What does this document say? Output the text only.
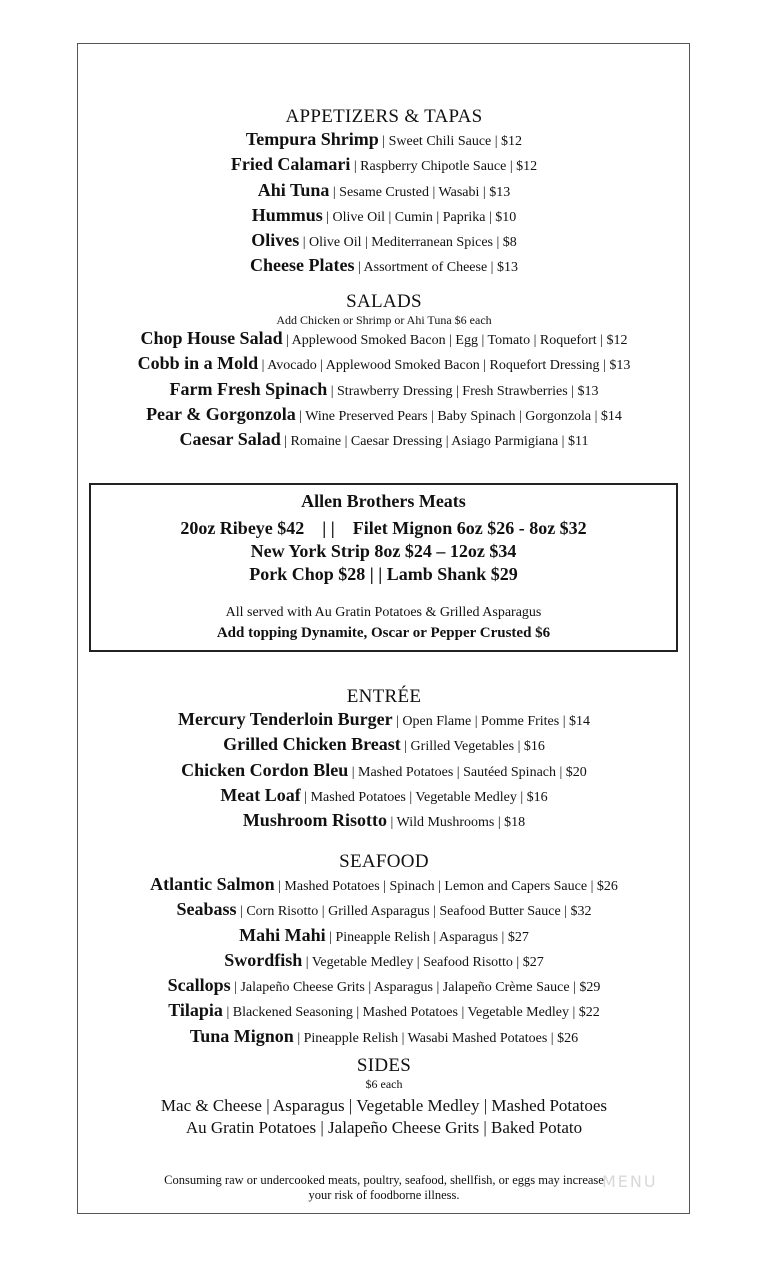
APPETIZERS & TAPAS
Tempura Shrimp | Sweet Chili Sauce | $12
Fried Calamari | Raspberry Chipotle Sauce | $12
Ahi Tuna | Sesame Crusted | Wasabi | $13
Hummus | Olive Oil | Cumin | Paprika | $10
Olives | Olive Oil | Mediterranean Spices | $8
Cheese Plates | Assortment of Cheese | $13
SALADS
Add Chicken or Shrimp or Ahi Tuna $6 each
Chop House Salad | Applewood Smoked Bacon | Egg | Tomato | Roquefort | $12
Cobb in a Mold | Avocado | Applewood Smoked Bacon | Roquefort Dressing | $13
Farm Fresh Spinach | Strawberry Dressing | Fresh Strawberries | $13
Pear & Gorgonzola | Wine Preserved Pears | Baby Spinach | Gorgonzola | $14
Caesar Salad | Romaine | Caesar Dressing | Asiago Parmigiana | $11
Allen Brothers Meats
20oz Ribeye $42    | |    Filet Mignon 6oz $26 - 8oz $32
New York Strip 8oz $24 – 12oz $34
Pork Chop $28 | | Lamb Shank $29
All served with Au Gratin Potatoes & Grilled Asparagus
Add topping Dynamite, Oscar or Pepper Crusted $6
ENTRÉE
Mercury Tenderloin Burger | Open Flame | Pomme Frites | $14
Grilled Chicken Breast | Grilled Vegetables | $16
Chicken Cordon Bleu | Mashed Potatoes | Sautéed Spinach | $20
Meat Loaf | Mashed Potatoes | Vegetable Medley | $16
Mushroom Risotto | Wild Mushrooms | $18
SEAFOOD
Atlantic Salmon | Mashed Potatoes | Spinach | Lemon and Capers Sauce | $26
Seabass | Corn Risotto | Grilled Asparagus | Seafood Butter Sauce | $32
Mahi Mahi | Pineapple Relish | Asparagus | $27
Swordfish | Vegetable Medley | Seafood Risotto | $27
Scallops | Jalapeño Cheese Grits | Asparagus | Jalapeño Crème Sauce | $29
Tilapia | Blackened Seasoning | Mashed Potatoes | Vegetable Medley | $22
Tuna Mignon | Pineapple Relish | Wasabi Mashed Potatoes | $26
SIDES
$6 each
Mac & Cheese | Asparagus | Vegetable Medley | Mashed Potatoes
Au Gratin Potatoes | Jalapeño Cheese Grits | Baked Potato
Consuming raw or undercooked meats, poultry, seafood, shellfish, or eggs may increase
your risk of foodborne illness.
MENU
